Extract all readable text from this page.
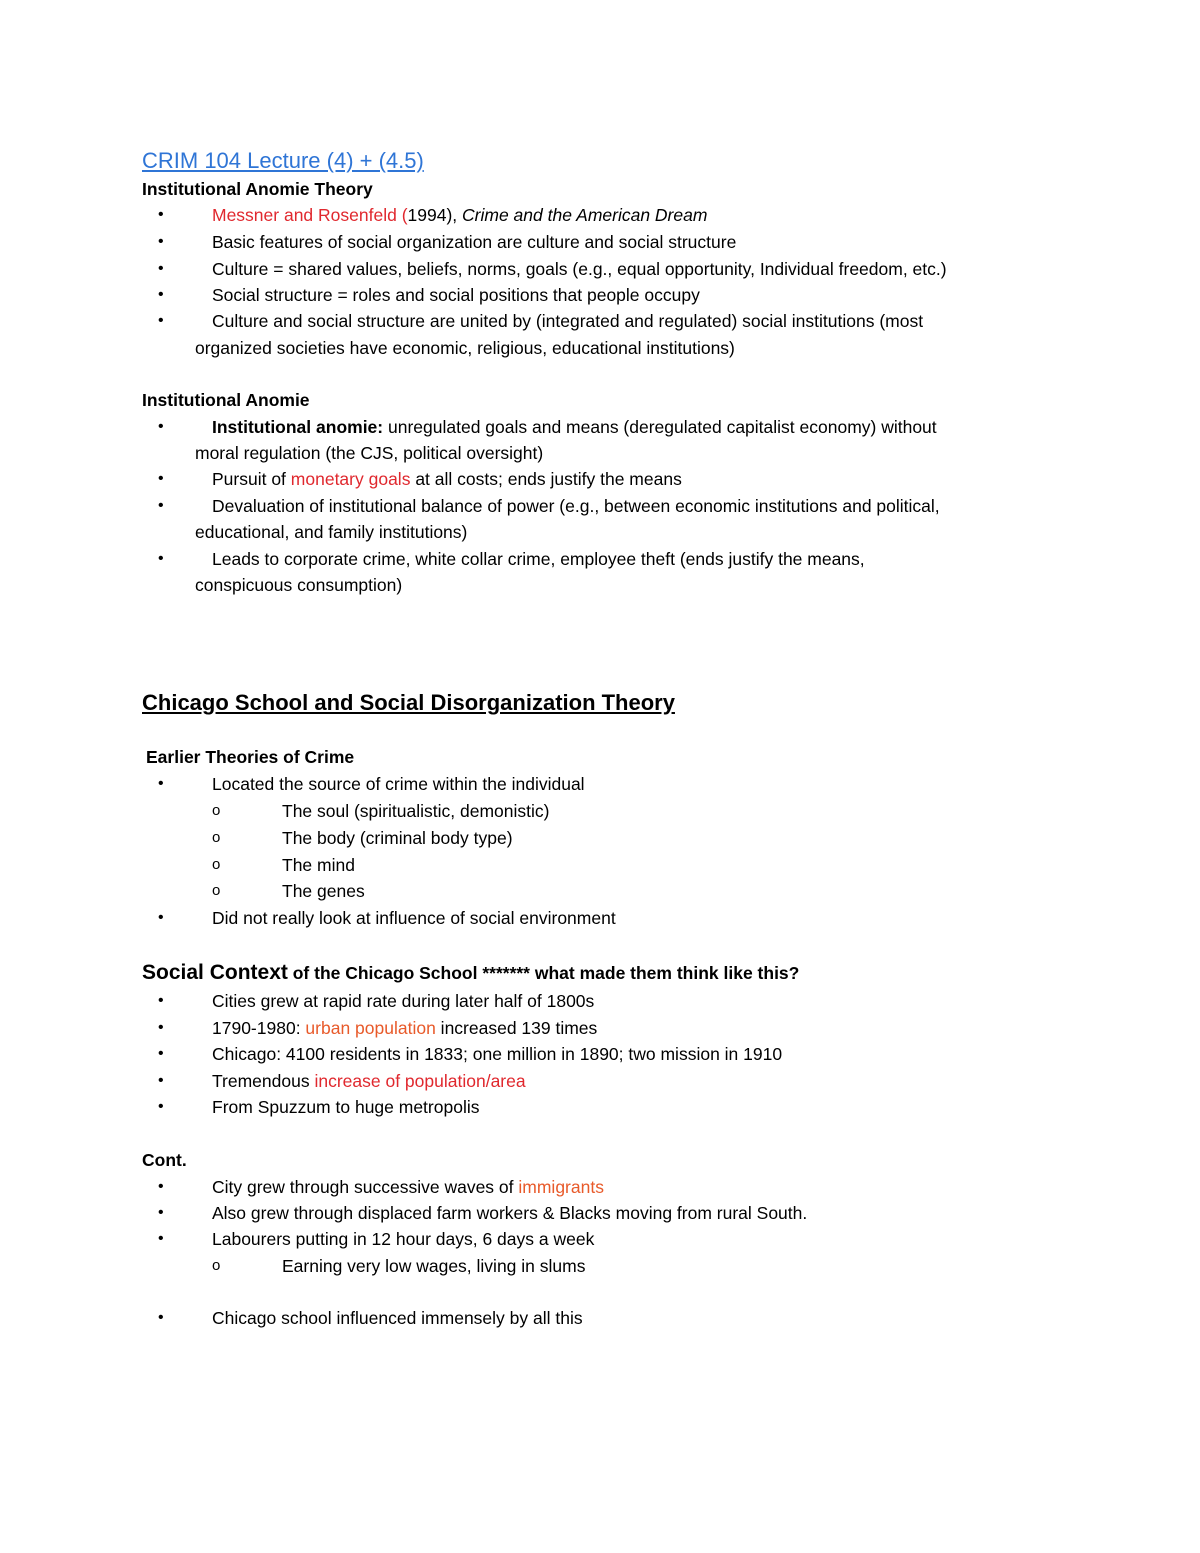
CRIM 104 Lecture (4) + (4.5)
Institutional Anomie Theory
•	Messner and Rosenfeld (1994), Crime and the American Dream
•	Basic features of social organization are culture and social structure
•	Culture = shared values, beliefs, norms, goals (e.g., equal opportunity, Individual freedom, etc.)
•	Social structure = roles and social positions that people occupy
•	Culture and social structure are united by (integrated and regulated) social institutions (most
organized societies have economic, religious, educational institutions)
Institutional Anomie
•	Institutional anomie: unregulated goals and means (deregulated capitalist economy) without
moral regulation (the CJS, political oversight)
•	Pursuit of monetary goals at all costs; ends justify the means
•	Devaluation of institutional balance of power (e.g., between economic institutions and political,
educational, and family institutions)
•	Leads to corporate crime, white collar crime, employee theft (ends justify the means,
conspicuous consumption)
Chicago School and Social Disorganization Theory
Earlier Theories of Crime
•	Located the source of crime within the individual
o	The soul (spiritualistic, demonistic)
o	The body (criminal body type)
o	The mind
o	The genes
•	Did not really look at influence of social environment
Social Context of the Chicago School ******* what made them think like this?
•	Cities grew at rapid rate during later half of 1800s
•	1790-1980: urban population increased 139 times
•	Chicago: 4100 residents in 1833; one million in 1890; two mission in 1910
•	Tremendous increase of population/area
•	From Spuzzum to huge metropolis
Cont.
•	City grew through successive waves of immigrants
•	Also grew through displaced farm workers & Blacks moving from rural South.
•	Labourers putting in 12 hour days, 6 days a week
o	Earning very low wages, living in slums
•	Chicago school influenced immensely by all this
